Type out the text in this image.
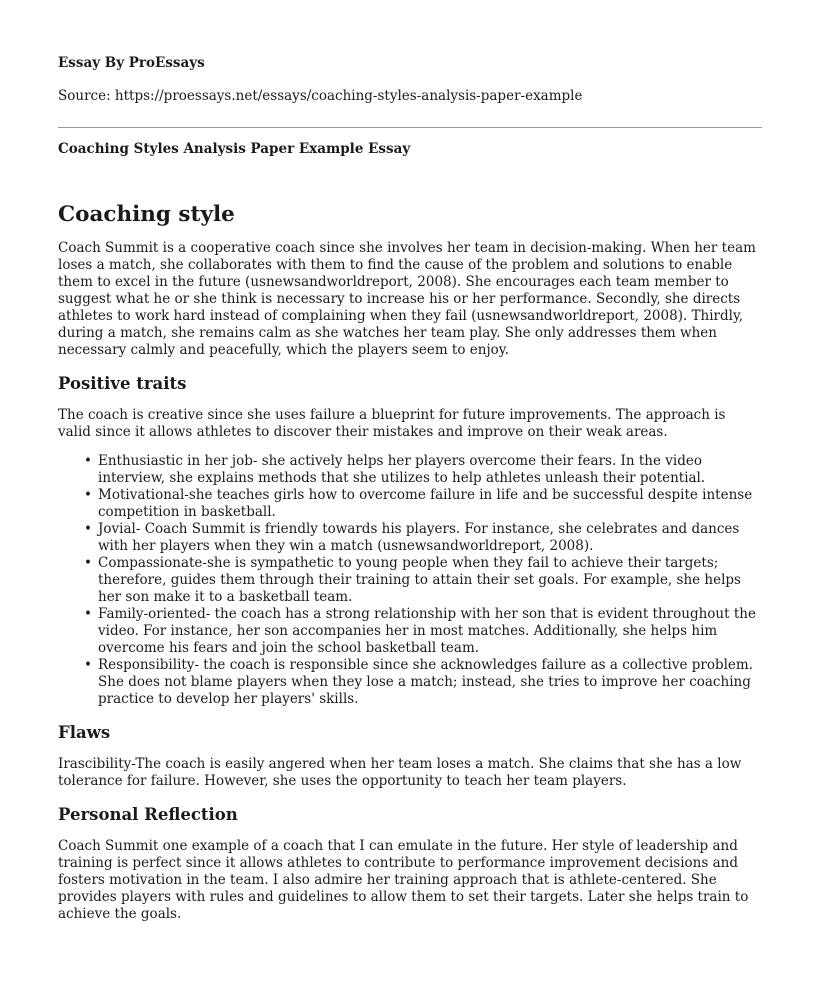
Essay By ProEssays

Source: https://proessays.net/essays/coaching-styles-analysis-paper-example

Coaching Styles Analysis Paper Example Essay

Coaching style

Coach Summit is a cooperative coach since she involves her team in decision-making. When her team loses a match, she collaborates with them to find the cause of the problem and solutions to enable them to excel in the future (usnewsandworldreport, 2008). She encourages each team member to suggest what he or she think is necessary to increase his or her performance. Secondly, she directs athletes to work hard instead of complaining when they fail (usnewsandworldreport, 2008). Thirdly, during a match, she remains calm as she watches her team play. She only addresses them when necessary calmly and peacefully, which the players seem to enjoy.

Positive traits

The coach is creative since she uses failure a blueprint for future improvements. The approach is valid since it allows athletes to discover their mistakes and improve on their weak areas.

• Enthusiastic in her job- she actively helps her players overcome their fears. In the video interview, she explains methods that she utilizes to help athletes unleash their potential.
• Motivational-she teaches girls how to overcome failure in life and be successful despite intense competition in basketball.
• Jovial- Coach Summit is friendly towards his players. For instance, she celebrates and dances with her players when they win a match (usnewsandworldreport, 2008).
• Compassionate-she is sympathetic to young people when they fail to achieve their targets; therefore, guides them through their training to attain their set goals. For example, she helps her son make it to a basketball team.
• Family-oriented- the coach has a strong relationship with her son that is evident throughout the video. For instance, her son accompanies her in most matches. Additionally, she helps him overcome his fears and join the school basketball team.
• Responsibility- the coach is responsible since she acknowledges failure as a collective problem. She does not blame players when they lose a match; instead, she tries to improve her coaching practice to develop her players' skills.
Flaws

Irascibility-The coach is easily angered when her team loses a match. She claims that she has a low tolerance for failure. However, she uses the opportunity to teach her team players.

Personal Reflection

Coach Summit one example of a coach that I can emulate in the future. Her style of leadership and training is perfect since it allows athletes to contribute to performance improvement decisions and fosters motivation in the team. I also admire her training approach that is athlete-centered. She provides players with rules and guidelines to allow them to set their targets. Later she helps train to achieve the goals.
